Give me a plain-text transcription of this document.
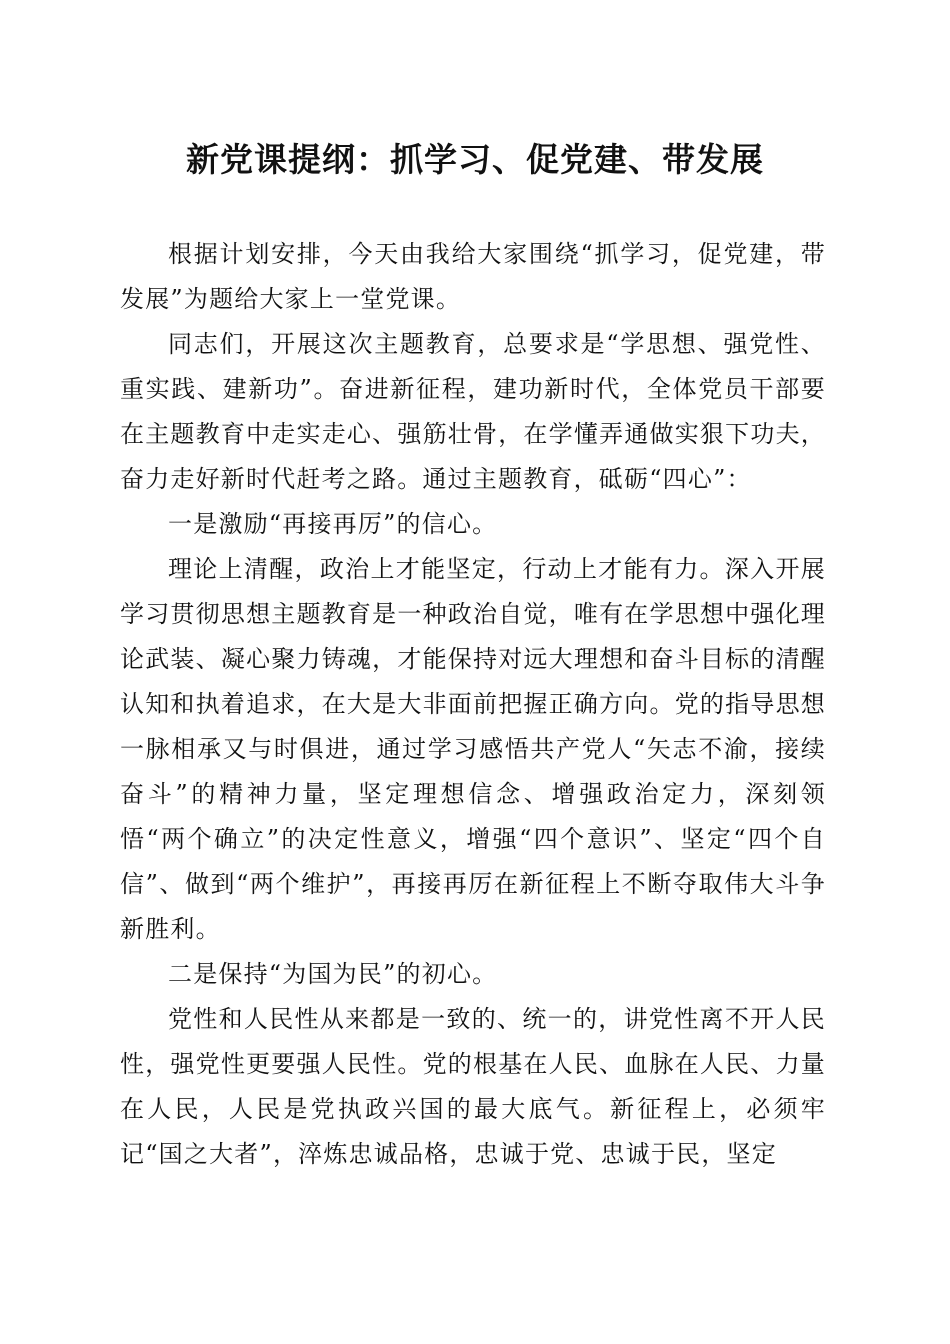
新党课提纲：抓学习、促党建、带发展

根据计划安排，今天由我给大家围绕“抓学习，促党建，带发展”为题给大家上一堂党课。

同志们，开展这次主题教育，总要求是“学思想、强党性、重实践、建新功”。奋进新征程，建功新时代，全体党员干部要在主题教育中走实走心、强筋壮骨，在学懂弄通做实狠下功夫，奋力走好新时代赶考之路。通过主题教育，砥砺“四心”：

一是激励“再接再厉”的信心。

理论上清醒，政治上才能坚定，行动上才能有力。深入开展学习贯彻思想主题教育是一种政治自觉，唯有在学思想中强化理论武装、凝心聚力铸魂，才能保持对远大理想和奋斗目标的清醒认知和执着追求，在大是大非面前把握正确方向。党的指导思想一脉相承又与时俱进，通过学习感悟共产党人“矢志不渝，接续奋斗”的精神力量，坚定理想信念、增强政治定力，深刻领悟“两个确立”的决定性意义，增强“四个意识”、坚定“四个自信”、做到“两个维护”，再接再厉在新征程上不断夺取伟大斗争新胜利。

二是保持“为国为民”的初心。

党性和人民性从来都是一致的、统一的，讲党性离不开人民性，强党性更要强人民性。党的根基在人民、血脉在人民、力量在人民，人民是党执政兴国的最大底气。新征程上，必须牢记“国之大者”，淬炼忠诚品格，忠诚于党、忠诚于民，坚定
